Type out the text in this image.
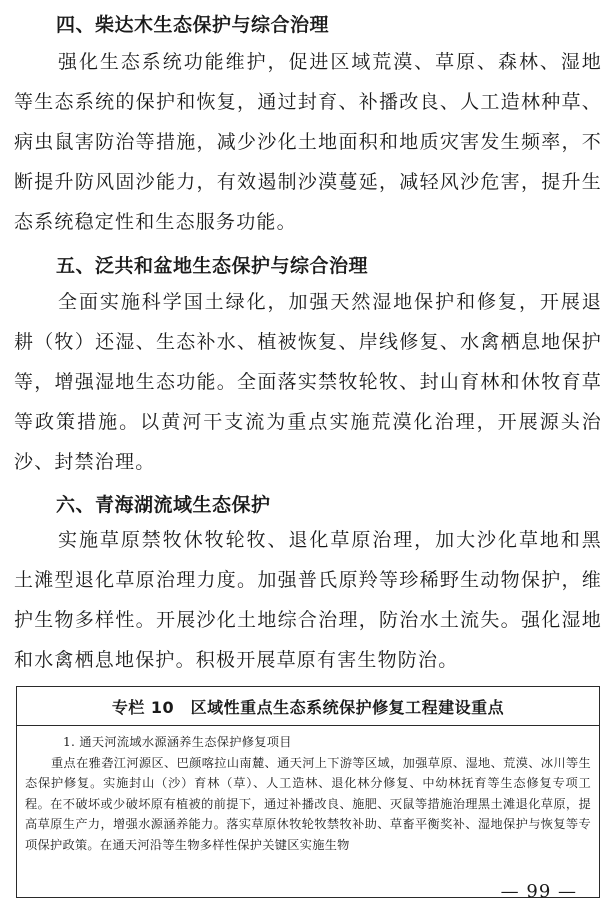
四、柴达木生态保护与综合治理
强化生态系统功能维护，促进区域荒漠、草原、森林、湿地等生态系统的保护和恢复，通过封育、补播改良、人工造林种草、病虫鼠害防治等措施，减少沙化土地面积和地质灾害发生频率，不断提升防风固沙能力，有效遏制沙漠蔓延，减轻风沙危害，提升生态系统稳定性和生态服务功能。
五、泛共和盆地生态保护与综合治理
全面实施科学国土绿化，加强天然湿地保护和修复，开展退耕（牧）还湿、生态补水、植被恢复、岸线修复、水禽栖息地保护等，增强湿地生态功能。全面落实禁牧轮牧、封山育林和休牧育草等政策措施。以黄河干支流为重点实施荒漠化治理，开展源头治沙、封禁治理。
六、青海湖流域生态保护
实施草原禁牧休牧轮牧、退化草原治理，加大沙化草地和黑土滩型退化草原治理力度。加强普氏原羚等珍稀野生动物保护，维护生物多样性。开展沙化土地综合治理，防治水土流失。强化湿地和水禽栖息地保护。积极开展草原有害生物防治。
专栏 10　区域性重点生态系统保护修复工程建设重点
1. 通天河流域水源涵养生态保护修复项目
重点在雅砻江河源区、巴颜喀拉山南麓、通天河上下游等区域，加强草原、湿地、荒漠、冰川等生态保护修复。实施封山（沙）育林（草）、人工造林、退化林分修复、中幼林抚育等生态修复专项工程。在不破坏或少破坏原有植被的前提下，通过补播改良、施肥、灭鼠等措施治理黑土滩退化草原，提高草原生产力，增强水源涵养能力。落实草原休牧轮牧禁牧补助、草畜平衡奖补、湿地保护与恢复等专项保护政策。在通天河沿等生物多样性保护关键区实施生物
— 99 —
